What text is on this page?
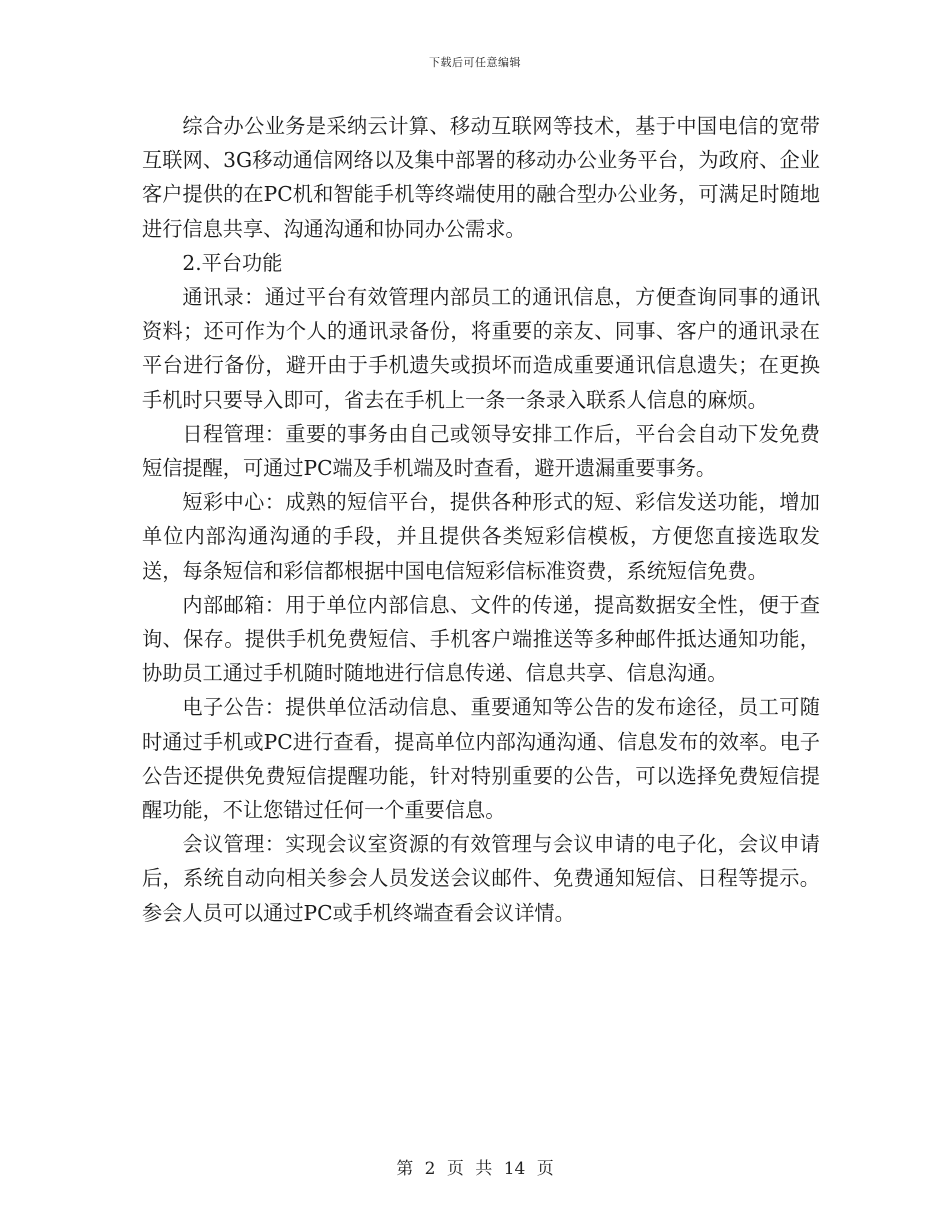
下载后可任意编辑

综合办公业务是采纳云计算、移动互联网等技术，基于中国电信的宽带互联网、3G移动通信网络以及集中部署的移动办公业务平台，为政府、企业客户提供的在PC机和智能手机等终端使用的融合型办公业务，可满足时随地进行信息共享、沟通沟通和协同办公需求。

2.平台功能

通讯录：通过平台有效管理内部员工的通讯信息，方便查询同事的通讯资料；还可作为个人的通讯录备份，将重要的亲友、同事、客户的通讯录在平台进行备份，避开由于手机遗失或损坏而造成重要通讯信息遗失；在更换手机时只要导入即可，省去在手机上一条一条录入联系人信息的麻烦。

日程管理：重要的事务由自己或领导安排工作后，平台会自动下发免费短信提醒，可通过PC端及手机端及时查看，避开遗漏重要事务。

短彩中心：成熟的短信平台，提供各种形式的短、彩信发送功能，增加单位内部沟通沟通的手段，并且提供各类短彩信模板，方便您直接选取发送，每条短信和彩信都根据中国电信短彩信标准资费，系统短信免费。

内部邮箱：用于单位内部信息、文件的传递，提高数据安全性，便于查询、保存。提供手机免费短信、手机客户端推送等多种邮件抵达通知功能，协助员工通过手机随时随地进行信息传递、信息共享、信息沟通。

电子公告：提供单位活动信息、重要通知等公告的发布途径，员工可随时通过手机或PC进行查看，提高单位内部沟通沟通、信息发布的效率。电子公告还提供免费短信提醒功能，针对特别重要的公告，可以选择免费短信提醒功能，不让您错过任何一个重要信息。

会议管理：实现会议室资源的有效管理与会议申请的电子化，会议申请后，系统自动向相关参会人员发送会议邮件、免费通知短信、日程等提示。参会人员可以通过PC或手机终端查看会议详情。

第 2 页 共 14 页
